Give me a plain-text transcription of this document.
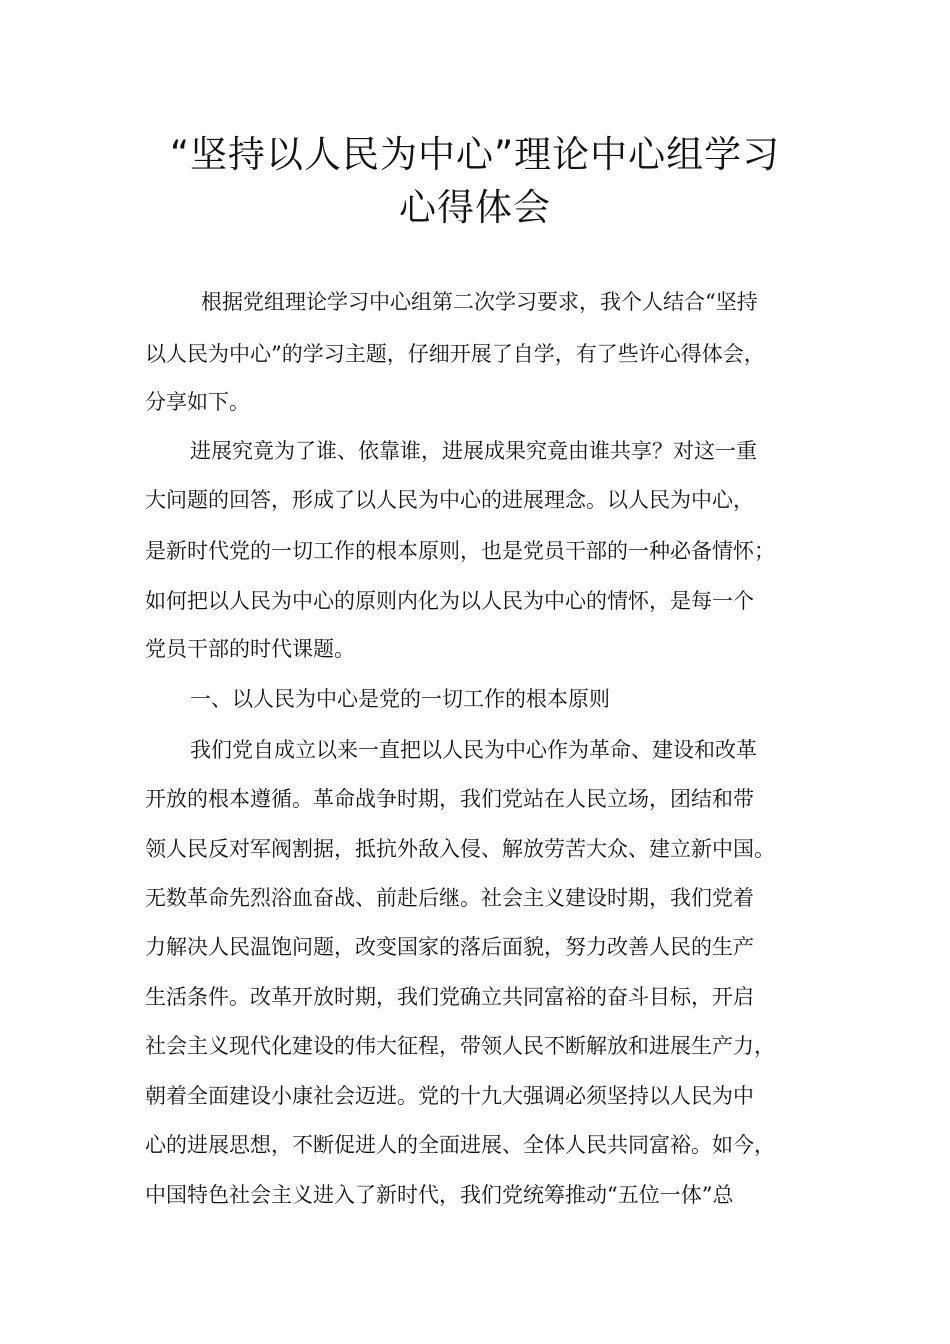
“坚持以人民为中心”理论中心组学习
心得体会

根据党组理论学习中心组第二次学习要求，我个人结合“坚持

以人民为中心”的学习主题，仔细开展了自学，有了些许心得体会，

分享如下。

进展究竟为了谁、依靠谁，进展成果究竟由谁共享？对这一重

大问题的回答，形成了以人民为中心的进展理念。以人民为中心，

是新时代党的一切工作的根本原则，也是党员干部的一种必备情怀；

如何把以人民为中心的原则内化为以人民为中心的情怀，是每一个

党员干部的时代课题。

一、以人民为中心是党的一切工作的根本原则

我们党自成立以来一直把以人民为中心作为革命、建设和改革

开放的根本遵循。革命战争时期，我们党站在人民立场，团结和带

领人民反对军阀割据，抵抗外敌入侵、解放劳苦大众、建立新中国。

无数革命先烈浴血奋战、前赴后继。社会主义建设时期，我们党着

力解决人民温饱问题，改变国家的落后面貌，努力改善人民的生产

生活条件。改革开放时期，我们党确立共同富裕的奋斗目标，开启

社会主义现代化建设的伟大征程，带领人民不断解放和进展生产力，

朝着全面建设小康社会迈进。党的十九大强调必须坚持以人民为中

心的进展思想，不断促进人的全面进展、全体人民共同富裕。如今，

中国特色社会主义进入了新时代，我们党统筹推动“五位一体”总
